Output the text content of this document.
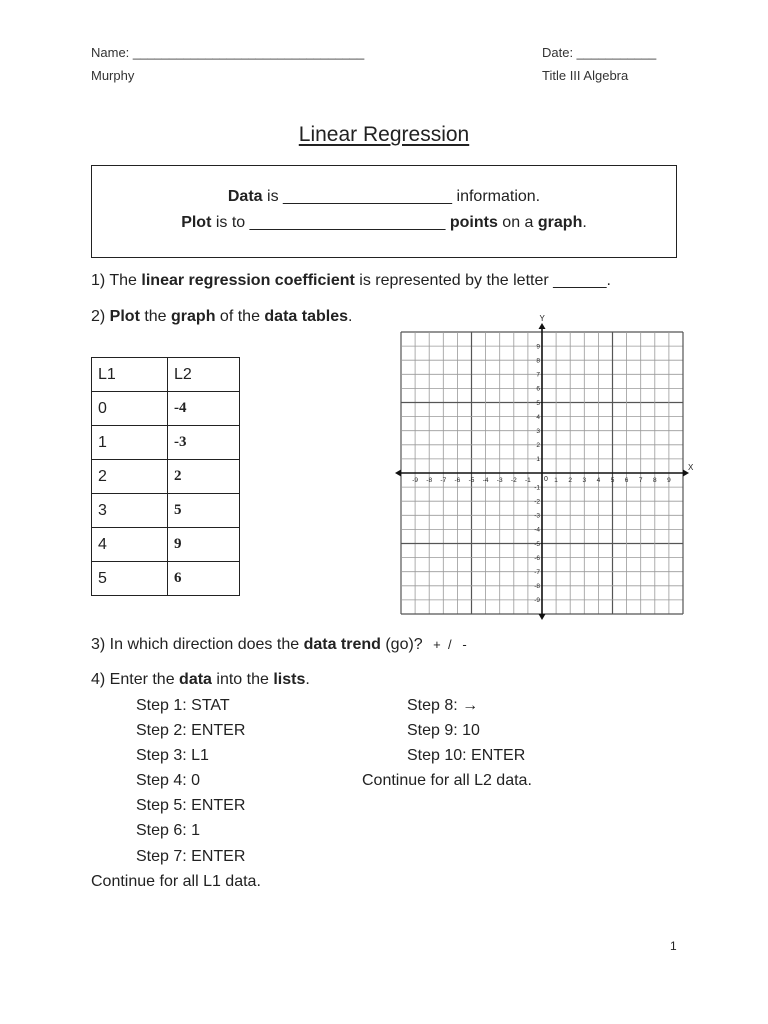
Name: ________________________________	Date: ___________
Murphy	Title III Algebra
Linear Regression
Data is ___________________ information.
Plot is to ______________________ points on a graph.
1) The linear regression coefficient is represented by the letter ______.
2) Plot the graph of the data tables.
L1	L2
0	-4
1	-3
2	2
3	5
4	9
5	6
X
Y
0
-9 -8 -7 -6 -5 -4 -3 -2 -1	1 2 3 4 5 6 7 8 9
9
8
7
6
5
4
3
2
1
-1
-2
-3
-4
-5
-6
-7
-8
-9
3) In which direction does the data trend (go)? +  /   -
4) Enter the data into the lists.
Step 1: STAT
Step 2: ENTER
Step 3: L1
Step 4: 0
Step 5: ENTER
Step 6: 1
Step 7: ENTER
Step 8: →
Step 9: 10
Step 10: ENTER
Continue for all L2 data.
Continue for all L1 data.
1
